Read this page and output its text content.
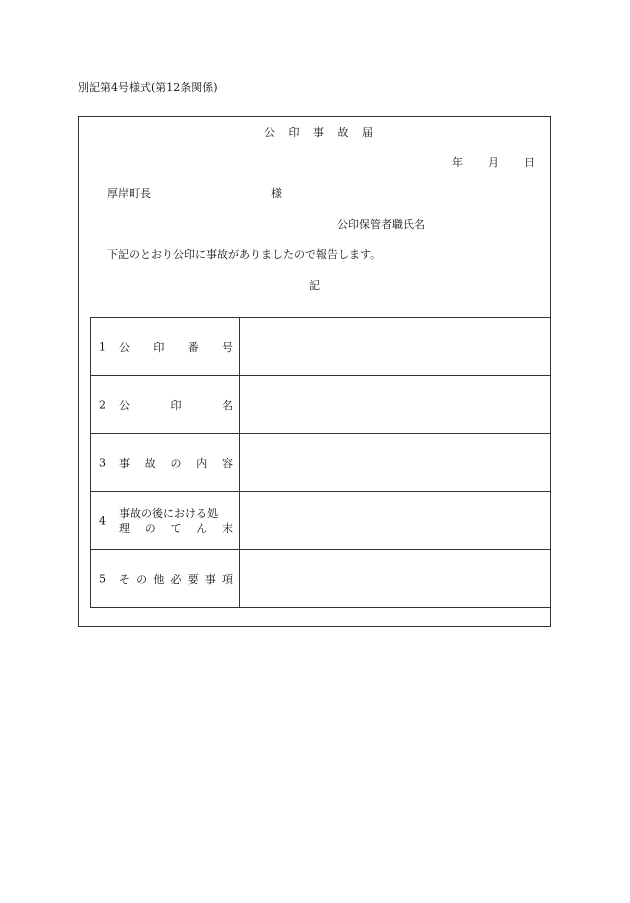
別記第4号様式(第12条関係)
公 印 事 故 届
年 月 日
厚岸町長	様
公印保管者職氏名
下記のとおり公印に事故がありましたので報告します。
記
1 公印番号	

2 公印名	

3 事故の内容	

4
事故の後における処
理のてん末	

5 その他必要事項	
